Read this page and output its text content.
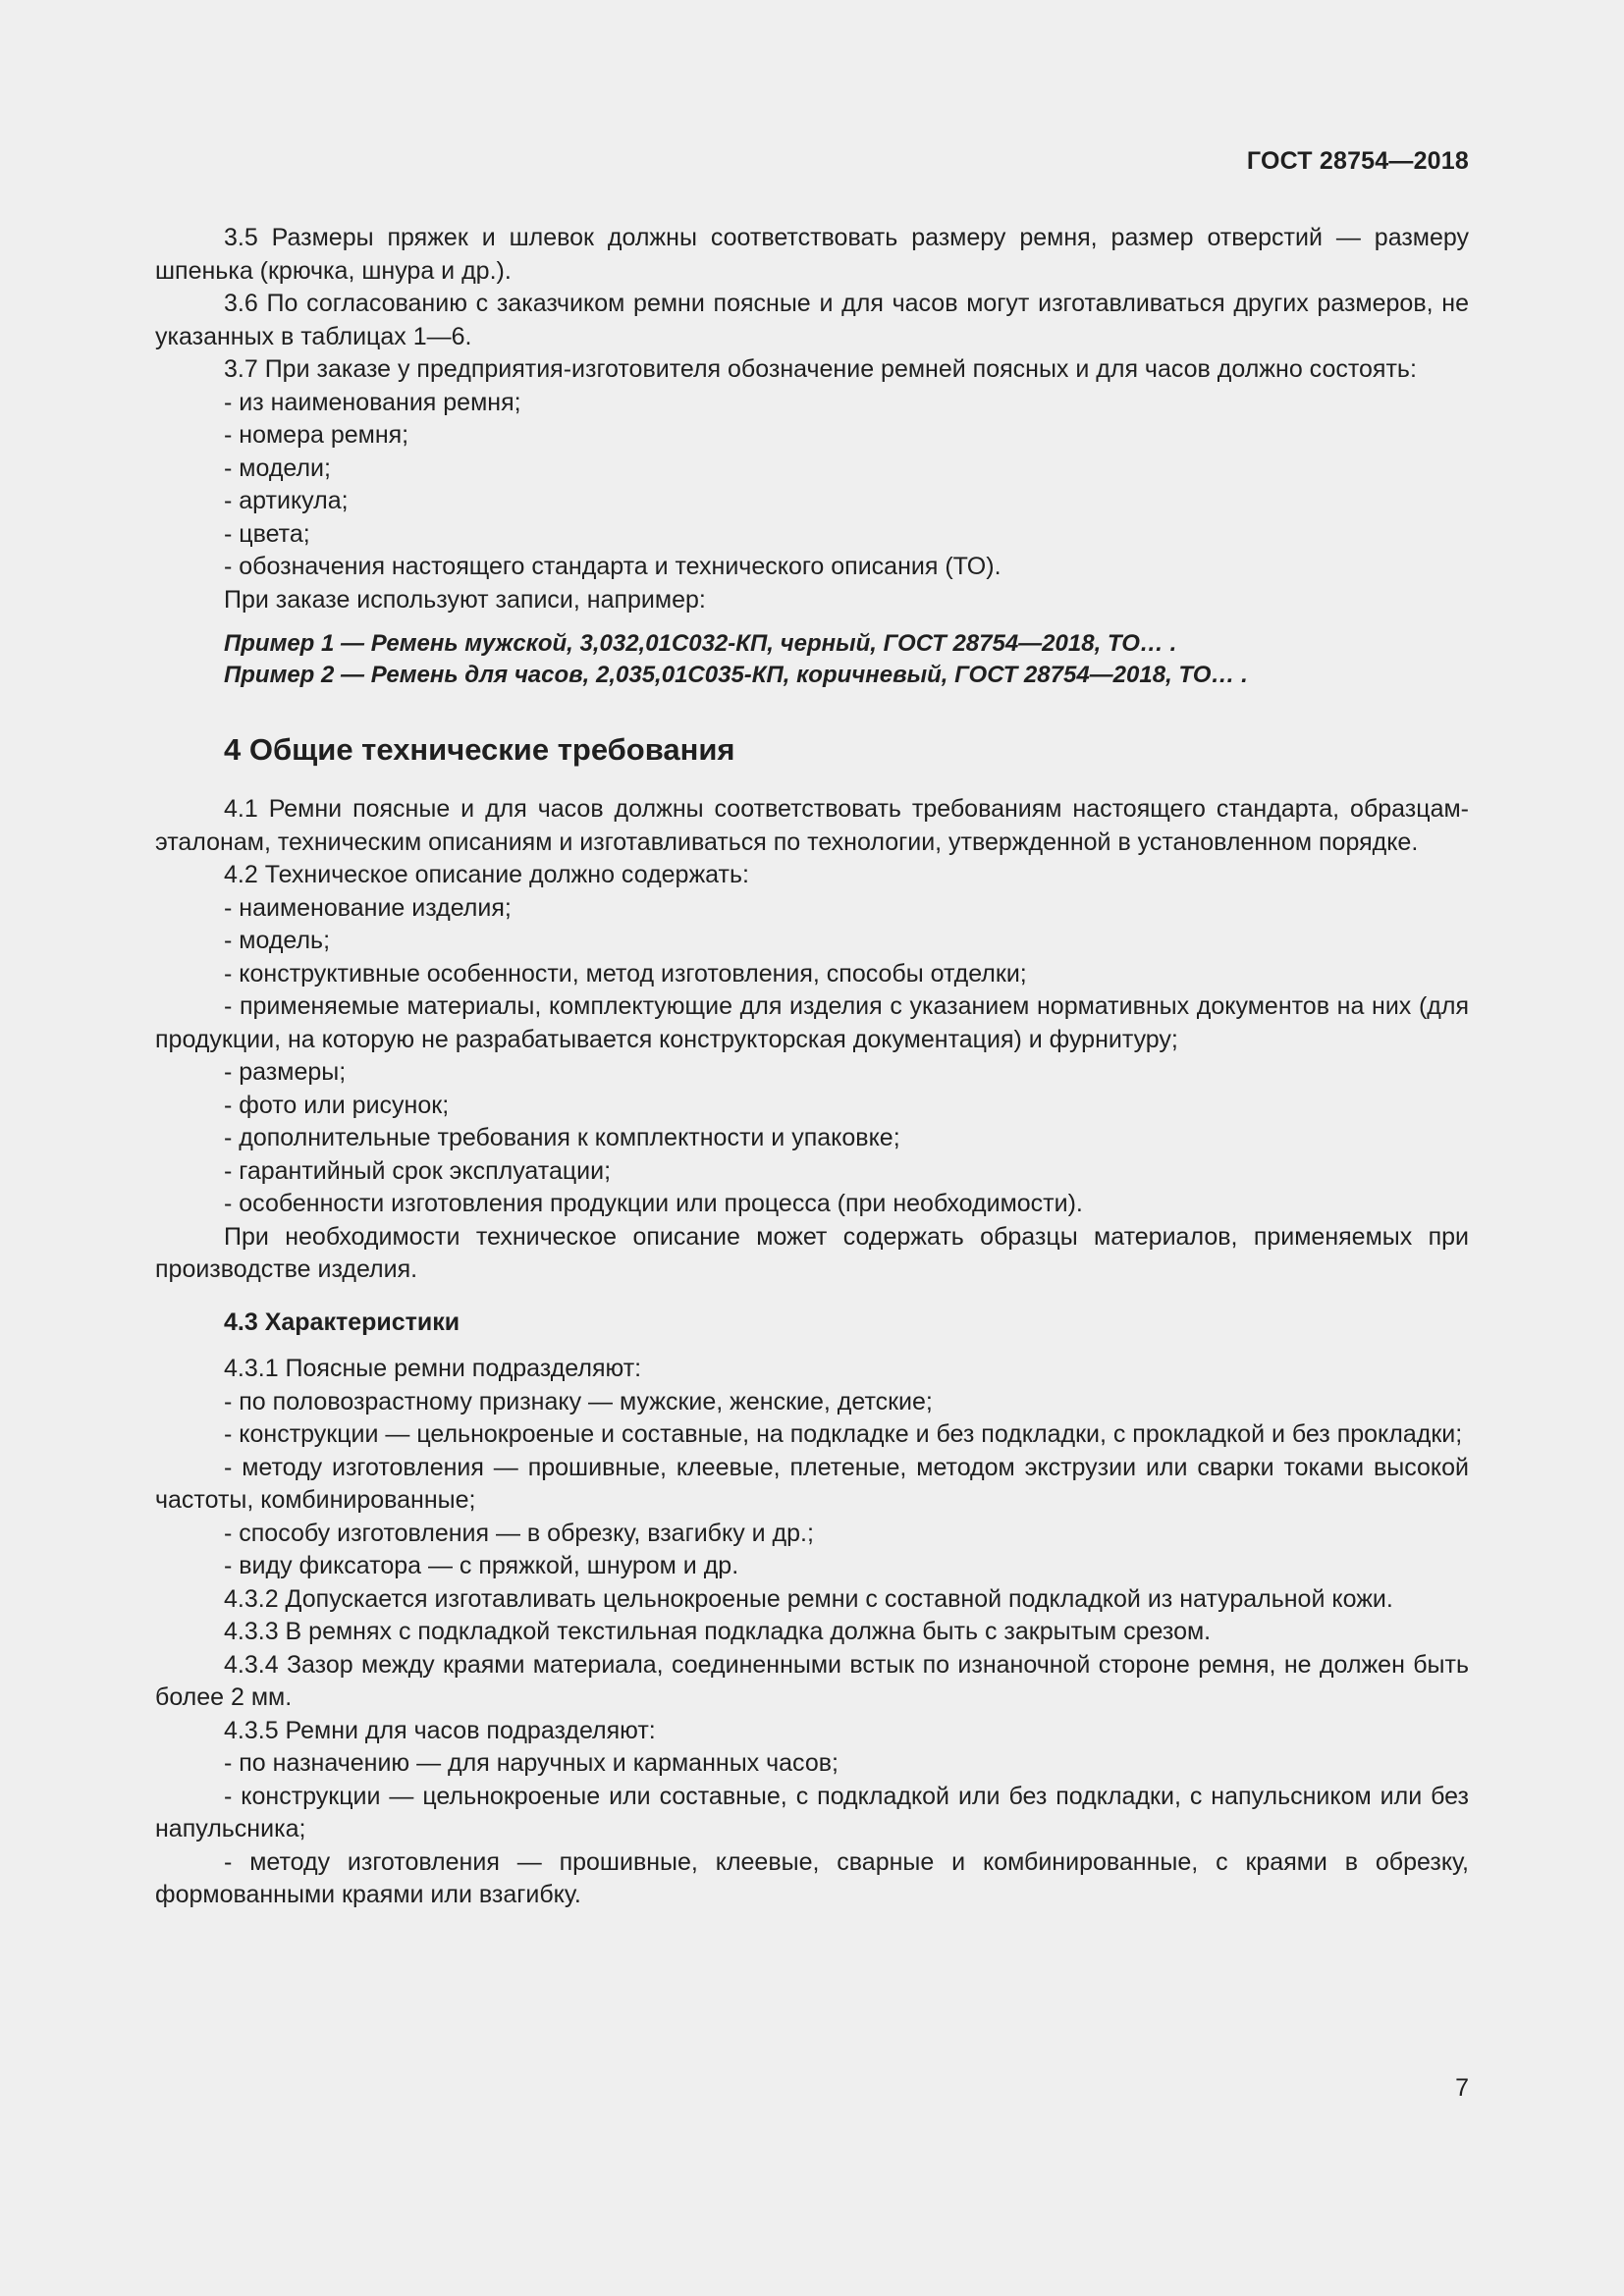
ГОСТ 28754—2018

3.5 Размеры пряжек и шлевок должны соответствовать размеру ремня, размер отверстий — размеру шпенька (крючка, шнура и др.).

3.6 По согласованию с заказчиком ремни поясные и для часов могут изготавливаться других размеров, не указанных в таблицах 1—6.

3.7 При заказе у предприятия-изготовителя обозначение ремней поясных и для часов должно состоять:

- из наименования ремня;

- номера ремня;

- модели;

- артикула;

- цвета;

- обозначения настоящего стандарта и технического описания (ТО).

При заказе используют записи, например:

Пример 1 — Ремень мужской, 3,032,01С032-КП, черный, ГОСТ 28754—2018, ТО… .

Пример 2 — Ремень для часов, 2,035,01С035-КП, коричневый, ГОСТ 28754—2018, ТО… .

4 Общие технические требования

4.1 Ремни поясные и для часов должны соответствовать требованиям настоящего стандарта, образцам-эталонам, техническим описаниям и изготавливаться по технологии, утвержденной в установленном порядке.

4.2 Техническое описание должно содержать:

- наименование изделия;

- модель;

- конструктивные особенности, метод изготовления, способы отделки;

- применяемые материалы, комплектующие для изделия с указанием нормативных документов на них (для продукции, на которую не разрабатывается конструкторская документация) и фурнитуру;

- размеры;

- фото или рисунок;

- дополнительные требования к комплектности и упаковке;

- гарантийный срок эксплуатации;

- особенности изготовления продукции или процесса (при необходимости).

При необходимости техническое описание может содержать образцы материалов, применяемых при производстве изделия.

4.3 Характеристики

4.3.1 Поясные ремни подразделяют:

- по половозрастному признаку — мужские, женские, детские;

- конструкции — цельнокроеные и составные, на подкладке и без подкладки, с прокладкой и без прокладки;

- методу изготовления — прошивные, клеевые, плетеные, методом экструзии или сварки токами высокой частоты, комбинированные;

- способу изготовления — в обрезку, взагибку и др.;

- виду фиксатора — с пряжкой, шнуром и др.

4.3.2 Допускается изготавливать цельнокроеные ремни с составной подкладкой из натуральной кожи.

4.3.3 В ремнях с подкладкой текстильная подкладка должна быть с закрытым срезом.

4.3.4 Зазор между краями материала, соединенными встык по изнаночной стороне ремня, не должен быть более 2 мм.

4.3.5 Ремни для часов подразделяют:

- по назначению — для наручных и карманных часов;

- конструкции — цельнокроеные или составные, с подкладкой или без подкладки, с напульсником или без напульсника;

- методу изготовления — прошивные, клеевые, сварные и комбинированные, с краями в обрезку, формованными краями или взагибку.

7
